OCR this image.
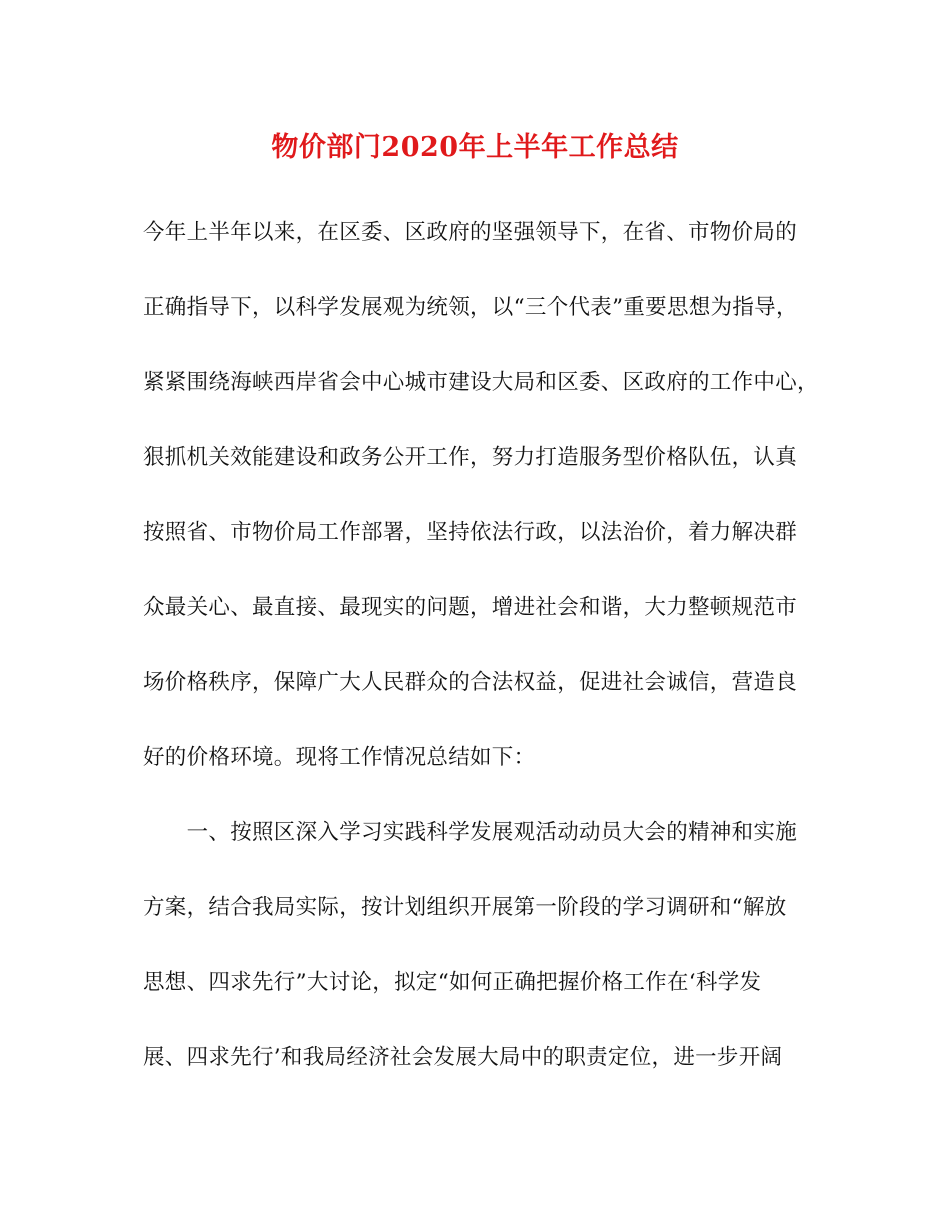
物价部门2020年上半年工作总结
今年上半年以来，在区委、区政府的坚强领导下，在省、市物价局的
正确指导下，以科学发展观为统领，以“三个代表”重要思想为指导，
紧紧围绕海峡西岸省会中心城市建设大局和区委、区政府的工作中心，
狠抓机关效能建设和政务公开工作，努力打造服务型价格队伍，认真
按照省、市物价局工作部署，坚持依法行政，以法治价，着力解决群
众最关心、最直接、最现实的问题，增进社会和谐，大力整顿规范市
场价格秩序，保障广大人民群众的合法权益，促进社会诚信，营造良
好的价格环境。现将工作情况总结如下：
　　一、按照区深入学习实践科学发展观活动动员大会的精神和实施
方案，结合我局实际，按计划组织开展第一阶段的学习调研和“解放
思想、四求先行”大讨论，拟定“如何正确把握价格工作在‘科学发
展、四求先行’和我局经济社会发展大局中的职责定位，进一步开阔
